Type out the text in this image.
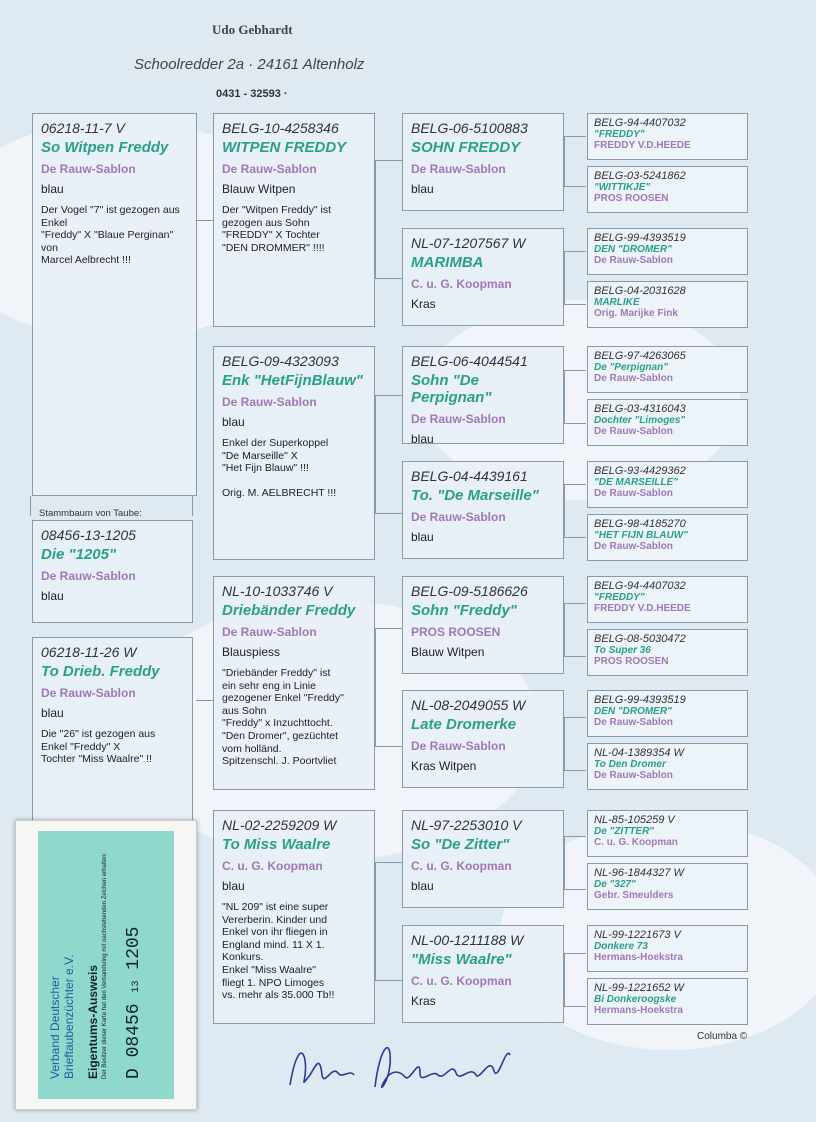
Udo Gebhardt
Schoolredder 2a · 24161 Altenholz
0431 - 32593 ·
06218-11-7 V
So Witpen Freddy
De Rauw-Sablon
blau
Der Vogel "7" ist gezogen aus Enkel
"Freddy" X "Blaue Perginan" von
Marcel Aelbrecht !!!
Stammbaum von Taube:
08456-13-1205
Die "1205"
De Rauw-Sablon
blau
06218-11-26 W
To Drieb. Freddy
De Rauw-Sablon
blau
Die "26" ist gezogen aus
Enkel "Freddy" X
Tochter "Miss Waalre" !!
BELG-10-4258346
WITPEN FREDDY
De Rauw-Sablon
Blauw Witpen
Der "Witpen Freddy" ist
gezogen aus Sohn
"FREDDY" X Tochter
"DEN DROMMER" !!!!
BELG-09-4323093
Enk "HetFijnBlauw"
De Rauw-Sablon
blau
Enkel der Superkoppel
"De Marseille" X
"Het Fijn Blauw" !!!

Orig. M. AELBRECHT !!!
NL-10-1033746 V
Driebänder Freddy
De Rauw-Sablon
Blauspiess
"Driebänder Freddy" ist
ein sehr eng in Linie
gezogener Enkel "Freddy"
aus Sohn
"Freddy" x Inzuchttocht.
"Den Dromer", gezüchtet
vom holländ.
Spitzenschl. J. Poortvliet
NL-02-2259209 W
To Miss Waalre
C. u. G. Koopman
blau
"NL 209" ist eine super
Vererberin. Kinder und
Enkel von ihr fliegen in
England mind. 11 X 1.
Konkurs.
Enkel "Miss Waalre"
fliegt 1. NPO Limoges
vs. mehr als 35.000 Tb!!
BELG-06-5100883
SOHN FREDDY
De Rauw-Sablon
blau
NL-07-1207567 W
MARIMBA
C. u. G. Koopman
Kras
BELG-06-4044541
Sohn "De Perpignan"
De Rauw-Sablon
blau
BELG-04-4439161
To. "De Marseille"
De Rauw-Sablon
blau
BELG-09-5186626
Sohn "Freddy"
PROS ROOSEN
Blauw Witpen
NL-08-2049055 W
Late Dromerke
De Rauw-Sablon
Kras Witpen
NL-97-2253010 V
So "De Zitter"
C. u. G. Koopman
blau
NL-00-1211188 W
"Miss Waalre"
C. u. G. Koopman
Kras
BELG-94-4407032
"FREDDY"
FREDDY V.D.HEEDE
BELG-03-5241862
"WITTIKJE"
PROS ROOSEN
BELG-99-4393519
DEN "DROMER"
De Rauw-Sablon
BELG-04-2031628
MARLIKE
Orig. Marijke Fink
BELG-97-4263065
De "Perpignan"
De Rauw-Sablon
BELG-03-4316043
Dochter "Limoges"
De Rauw-Sablon
BELG-93-4429362
"DE MARSEILLE"
De Rauw-Sablon
BELG-98-4185270
"HET FIJN BLAUW"
De Rauw-Sablon
BELG-94-4407032
"FREDDY"
FREDDY V.D.HEEDE
BELG-08-5030472
To Super 36
PROS ROOSEN
BELG-99-4393519
DEN "DROMER"
De Rauw-Sablon
NL-04-1389354 W
To Den Dromer
De Rauw-Sablon
NL-85-105259 V
De "ZITTER"
C. u. G. Koopman
NL-96-1844327 W
De "327"
Gebr. Smeulders
NL-99-1221673 V
Donkere 73
Hermans-Hoekstra
NL-99-1221652 W
Bi Donkeroogske
Hermans-Hoekstra
Columba ©
Verband Deutscher
Brieftaubenzüchter e.V.
Eigentums-Ausweis Der Besitzer dieser Karte hat den Verbandsring mit nachstehenden Zeichen erhalten: D 08456 13 1205
